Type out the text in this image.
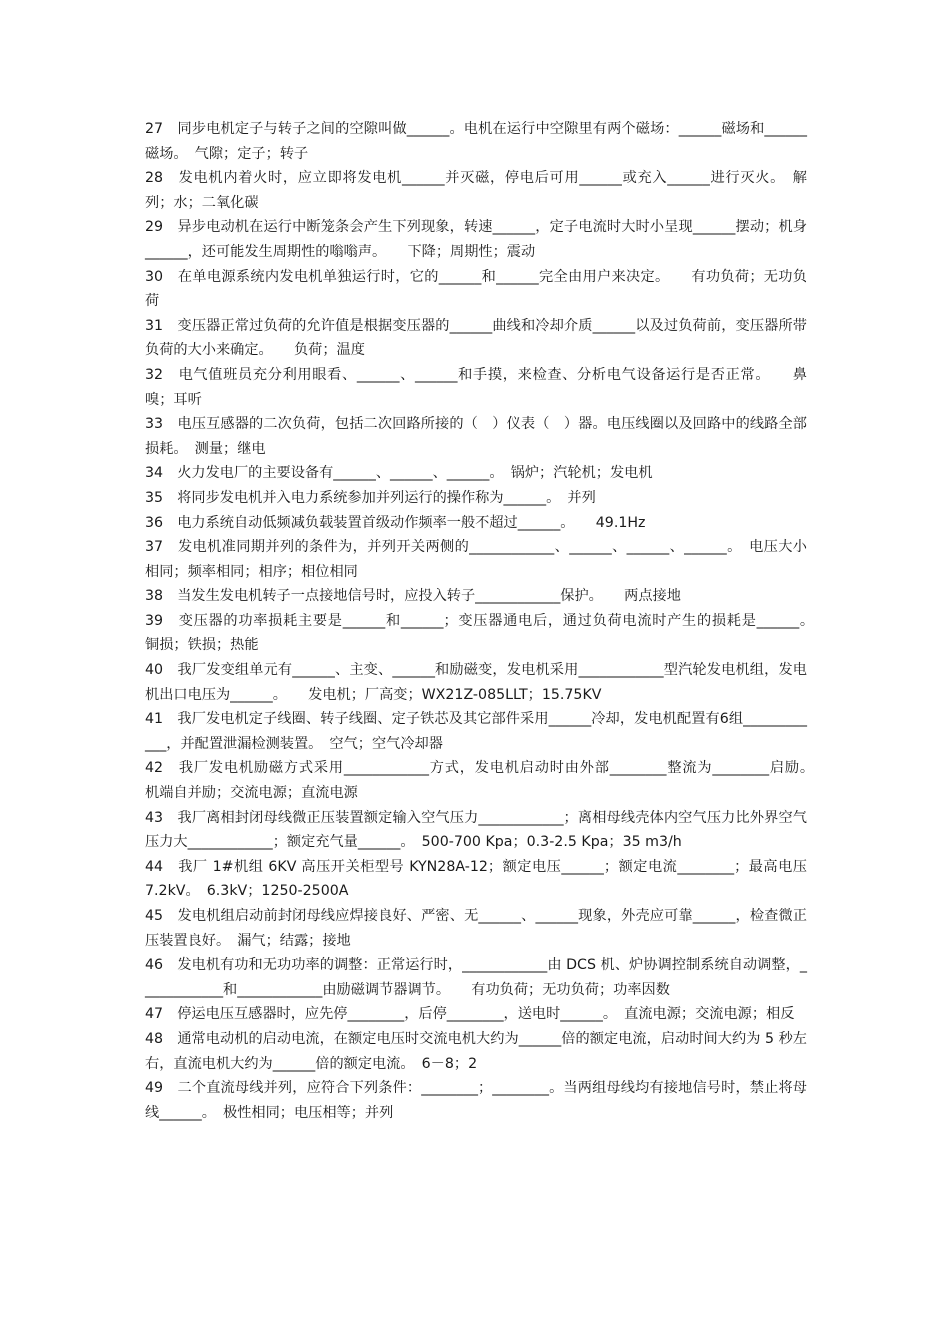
27　同步电机定子与转子之间的空隙叫做______。电机在运行中空隙里有两个磁场：______磁场和______磁场。　气隙；定子；转子

28　发电机内着火时，应立即将发电机______并灭磁，停电后可用______或充入______进行灭火。　解列；水；二氧化碳

29　异步电动机在运行中断笼条会产生下列现象，转速______，定子电流时大时小呈现______摆动；机身______，还可能发生周期性的嗡嗡声。　　下降；周期性；震动

30　在单电源系统内发电机单独运行时，它的______和______完全由用户来决定。　　有功负荷；无功负荷

31　变压器正常过负荷的允许值是根据变压器的______曲线和冷却介质______以及过负荷前，变压器所带负荷的大小来确定。　　负荷；温度

32　电气值班员充分利用眼看、______、______和手摸，来检查、分析电气设备运行是否正常。　　鼻嗅；耳听

33　电压互感器的二次负荷，包括二次回路所接的（　）仪表（　）器。电压线圈以及回路中的线路全部损耗。　测量；继电

34　火力发电厂的主要设备有______、______、______。　锅炉；汽轮机；发电机

35　将同步发电机并入电力系统参加并列运行的操作称为______。　并列

36　电力系统自动低频减负载装置首级动作频率一般不超过______。　　49.1Hz

37　发电机准同期并列的条件为，并列开关两侧的____________、______、______、______。　电压大小相同；频率相同；相序；相位相同

38　当发生发电机转子一点接地信号时，应投入转子____________保护。　　两点接地

39　变压器的功率损耗主要是______和______；变压器通电后，通过负荷电流时产生的损耗是______。　铜损；铁损；热能

40　我厂发变组单元有______、主变、______和励磁变，发电机采用____________型汽轮发电机组，发电机出口电压为______。　　发电机；厂高变；WX21Z-085LLT；15.75KV

41　我厂发电机定子线圈、转子线圈、定子铁芯及其它部件采用______冷却，发电机配置有6组____________，并配置泄漏检测装置。　空气；空气冷却器

42　我厂发电机励磁方式采用____________方式，发电机启动时由外部________整流为________启励。　机端自并励；交流电源；直流电源

43　我厂离相封闭母线微正压装置额定输入空气压力____________；离相母线壳体内空气压力比外界空气压力大____________；额定充气量______。　500-700 Kpa；0.3-2.5 Kpa；35 m3/h

44　我厂 1#机组 6KV 高压开关柜型号 KYN28A-12；额定电压______；额定电流________；最高电压 7.2kV。　6.3kV；1250-2500A

45　发电机组启动前封闭母线应焊接良好、严密、无______、______现象，外壳应可靠______，检查微正压装置良好。　漏气；结露；接地

46　发电机有功和无功功率的调整：正常运行时，____________由 DCS 机、炉协调控制系统自动调整，____________和____________由励磁调节器调节。　　有功负荷；无功负荷；功率因数

47　停运电压互感器时，应先停________，后停________，送电时______。　直流电源；交流电源；相反

48　通常电动机的启动电流，在额定电压时交流电机大约为______倍的额定电流，启动时间大约为 5 秒左右，直流电机大约为______倍的额定电流。　6－8；2

49　二个直流母线并列，应符合下列条件：________；________。当两组母线均有接地信号时，禁止将母线______。　极性相同；电压相等；并列
